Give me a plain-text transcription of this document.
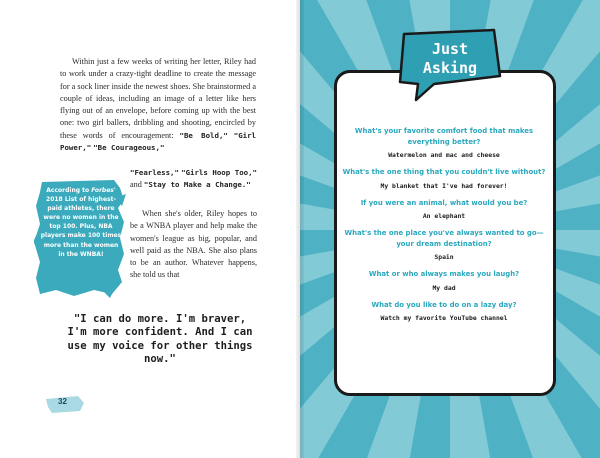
Within just a few weeks of writing her letter, Riley had to work under a crazy-tight deadline to create the message for a sock liner inside the newest shoes. She brainstormed a couple of ideas, including an image of a letter like hers flying out of an envelope, before coming up with the best one: two girl ballers, dribbling and shooting, encircled by these words of encouragement: "Be Bold," "Girl Power," "Be Courageous,"

"Fearless," "Girls Hoop Too," and "Stay to Make a Change."

When she's older, Riley hopes to be a WNBA player and help make the women's league as big, popular, and well paid as the NBA. She also plans to be an author. Whatever happens, she told us that

According to Forbes' 2018 List of highest-paid athletes, there were no women in the top 100. Plus, NBA players make 100 times more than the women in the WNBA!

"I can do more. I'm braver, I'm more confident. And I can use my voice for other things now."

32
Just
Asking

What's your favorite comfort food that makes everything better?

Watermelon and mac and cheese

What's the one thing that you couldn't live without?

My blanket that I've had forever!

If you were an animal, what would you be?

An elephant

What's the one place you've always wanted to go—your dream destination?

Spain

What or who always makes you laugh?

My dad

What do you like to do on a lazy day?

Watch my favorite YouTube channel
